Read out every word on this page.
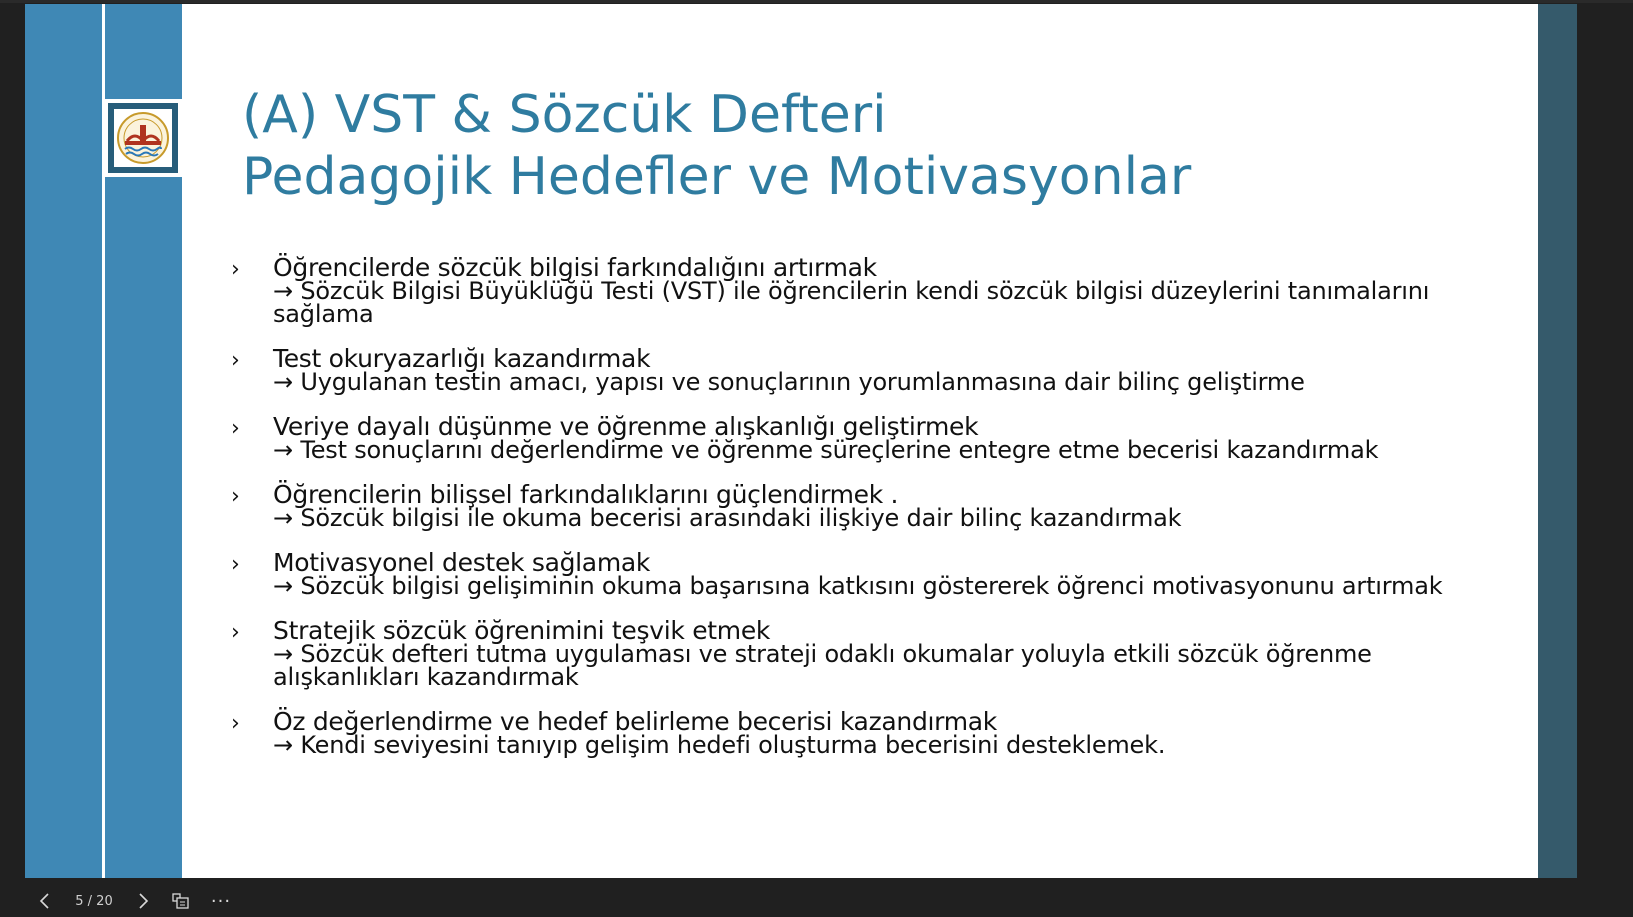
(A) VST & Sözcük Defteri
Pedagojik Hedefler ve Motivasyonlar
› Öğrencilerde sözcük bilgisi farkındalığını artırmak
→ Sözcük Bilgisi Büyüklüğü Testi (VST) ile öğrencilerin kendi sözcük bilgisi düzeylerini tanımalarını sağlama
› Test okuryazarlığı kazandırmak
→ Uygulanan testin amacı, yapısı ve sonuçlarının yorumlanmasına dair bilinç geliştirme
› Veriye dayalı düşünme ve öğrenme alışkanlığı geliştirmek
→ Test sonuçlarını değerlendirme ve öğrenme süreçlerine entegre etme becerisi kazandırmak
› Öğrencilerin bilişsel farkındalıklarını güçlendirmek .
→ Sözcük bilgisi ile okuma becerisi arasındaki ilişkiye dair bilinç kazandırmak
› Motivasyonel destek sağlamak
→ Sözcük bilgisi gelişiminin okuma başarısına katkısını göstererek öğrenci motivasyonunu artırmak
› Stratejik sözcük öğrenimini teşvik etmek
→ Sözcük defteri tutma uygulaması ve strateji odaklı okumalar yoluyla etkili sözcük öğrenme alışkanlıkları kazandırmak
› Öz değerlendirme ve hedef belirleme becerisi kazandırmak
→ Kendi seviyesini tanıyıp gelişim hedefi oluşturma becerisini desteklemek.
5 / 20	···
